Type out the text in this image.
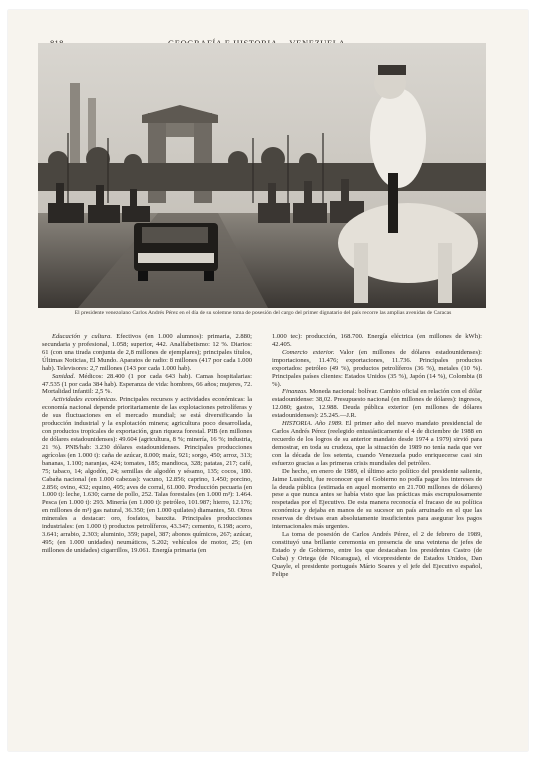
El presidente venezolano Carlos Andrés Pérez en el día de su solemne toma de posesión del cargo del primer dignatario del país recorre las amplias avenidas de Caracas

Educación y cultura. Efectivos (en 1.000 alumnos): primaria, 2.880; secundaria y profesional, 1.058; superior, 442. Analfabetismo: 12 %. Diarios: 61 (con una tirada conjunta de 2,8 millones de ejemplares); principales títulos, Últimas Noticias, El Mundo. Aparatos de radio: 8 millones (417 por cada 1.000 hab). Televisores: 2,7 millones (143 por cada 1.000 hab).

Sanidad. Médicos: 28.400 (1 por cada 643 hab). Camas hospitalarias: 47.535 (1 por cada 384 hab). Esperanza de vida: hombres, 66 años; mujeres, 72. Mortalidad infantil: 2,5 %.

Actividades económicas. Principales recursos y actividades económicas: la economía nacional depende prioritariamente de las explotaciones petrolíferas y de sus fluctuaciones en el mercado mundial; se está diversificando la producción industrial y la explotación minera; agricultura poco desarrollada, con productos tropicales de exportación, gran riqueza forestal. PIB (en millones de dólares estadounidenses): 49.604 (agricultura, 8 %; minería, 16 %; industria, 21 %). PNB/hab: 3.230 dólares estadounidenses. Principales producciones agrícolas (en 1.000 t): caña de azúcar, 8.000; maíz, 921; sorgo, 450; arroz, 313; bananas, 1.100; naranjas, 424; tomates, 185; mandioca, 328; patatas, 217; café, 75; tabaco, 14; algodón, 24; semillas de algodón y sésamo, 135; cocos, 180. Cabaña nacional (en 1.000 cabezas): vacuno, 12.856; caprino, 1.450; porcino, 2.856; ovino, 432; equino, 495; aves de corral, 61.000. Producción pecuaria (en 1.000 t): leche, 1.630; carne de pollo, 252. Talas forestales (en 1.000 m³): 1.464. Pesca (en 1.000 t): 293. Minería (en 1.000 t): petróleo, 101.987; hierro, 12.176; en millones de m³) gas natural, 36.350; (en 1.000 quilates) diamantes, 50. Otros minerales a destacar: oro, fosfatos, bauxita. Principales producciones industriales: (en 1.000 t) productos petrolíferos, 43.347; cemento, 6.198; acero, 3.641; arrabio, 2.303; aluminio, 359; papel, 387; abonos químicos, 267; azúcar, 495; (en 1.000 unidades) neumáticos, 5.202; vehículos de motor, 25; (en millones de unidades) cigarrillos, 19.061. Energía primaria (en

1.000 tec): producción, 168.700. Energía eléctrica (en millones de kWh): 42.405.

Comercio exterior. Valor (en millones de dólares estadounidenses): importaciones, 11.476; exportaciones, 11.736. Principales productos exportados: petróleo (49 %), productos petrolíferos (36 %), metales (10 %). Principales países clientes: Estados Unidos (35 %), Japón (14 %), Colombia (8 %).

Finanzas. Moneda nacional: bolívar. Cambio oficial en relación con el dólar estadounidense: 38,02. Presupuesto nacional (en millones de dólares): ingresos, 12.080; gastos, 12.988. Deuda pública exterior (en millones de dólares estadounidenses): 25.245.—J.R.

HISTORIA. Año 1989. El primer año del nuevo mandato presidencial de Carlos Andrés Pérez (reelegido entusiásticamente el 4 de diciembre de 1988 en recuerdo de los logros de su anterior mandato desde 1974 a 1979) sirvió para demostrar, en toda su crudeza, que la situación de 1989 no tenía nada que ver con la década de los setenta, cuando Venezuela pudo enriquecerse casi sin esfuerzo gracias a las primeras crisis mundiales del petróleo.

De hecho, en enero de 1989, el último acto político del presidente saliente, Jaime Lusinchi, fue reconocer que el Gobierno no podía pagar los intereses de la deuda pública (estimada en aquel momento en 21.700 millones de dólares) pese a que nunca antes se había visto que las prácticas más escrupulosamente respetadas por el Ejecutivo. De esta manera reconocía el fracaso de su política económica y dejaba en manos de su sucesor un país arruinado en el que las reservas de divisas eran absolutamente insuficientes para asegurar los pagos internacionales más urgentes.

La toma de posesión de Carlos Andrés Pérez, el 2 de febrero de 1989, constituyó una brillante ceremonia en presencia de una veintena de jefes de Estado y de Gobierno, entre los que destacaban los presidentes Castro (de Cuba) y Ortega (de Nicaragua), el vicepresidente de Estados Unidos, Dan Quayle, el presidente portugués Mário Soares y el jefe del Ejecutivo español, Felipe
